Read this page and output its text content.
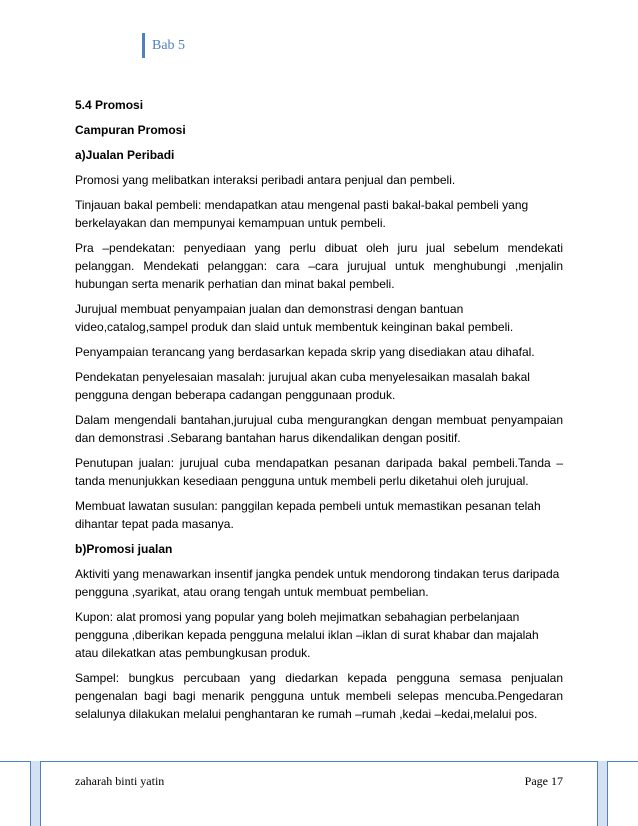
Bab 5

5.4 Promosi

Campuran Promosi

a)Jualan Peribadi

Promosi yang melibatkan interaksi peribadi antara penjual dan pembeli.

Tinjauan bakal pembeli: mendapatkan atau mengenal pasti bakal-bakal pembeli yang berkelayakan dan mempunyai kemampuan untuk pembeli.

Pra –pendekatan: penyediaan yang perlu dibuat oleh juru jual sebelum mendekati pelanggan. Mendekati pelanggan: cara –cara jurujual untuk menghubungi ,menjalin hubungan serta menarik perhatian dan minat bakal pembeli.

Jurujual membuat penyampaian jualan dan demonstrasi dengan bantuan video,catalog,sampel produk dan slaid untuk membentuk keinginan bakal pembeli.

Penyampaian terancang yang berdasarkan kepada skrip yang disediakan atau dihafal.

Pendekatan penyelesaian masalah: jurujual akan cuba menyelesaikan masalah bakal pengguna dengan beberapa cadangan penggunaan produk.

Dalam mengendali bantahan,jurujual cuba mengurangkan dengan membuat penyampaian dan demonstrasi .Sebarang bantahan harus dikendalikan dengan positif.

Penutupan jualan: jurujual cuba mendapatkan pesanan daripada bakal pembeli.Tanda –tanda menunjukkan kesediaan pengguna untuk membeli perlu diketahui oleh jurujual.

Membuat lawatan susulan: panggilan kepada pembeli untuk memastikan pesanan telah dihantar tepat pada masanya.

b)Promosi jualan

Aktiviti yang menawarkan insentif jangka pendek untuk mendorong tindakan terus daripada pengguna ,syarikat, atau orang tengah untuk membuat pembelian.

Kupon: alat promosi yang popular yang boleh mejimatkan sebahagian perbelanjaan pengguna ,diberikan kepada pengguna melalui iklan –iklan di surat khabar dan majalah atau dilekatkan atas pembungkusan produk.

Sampel: bungkus percubaan yang diedarkan kepada pengguna semasa penjualan pengenalan bagi bagi menarik pengguna untuk membeli selepas mencuba.Pengedaran selalunya dilakukan melalui penghantaran ke rumah –rumah ,kedai –kedai,melalui pos.

zaharah binti yatin	Page 17
